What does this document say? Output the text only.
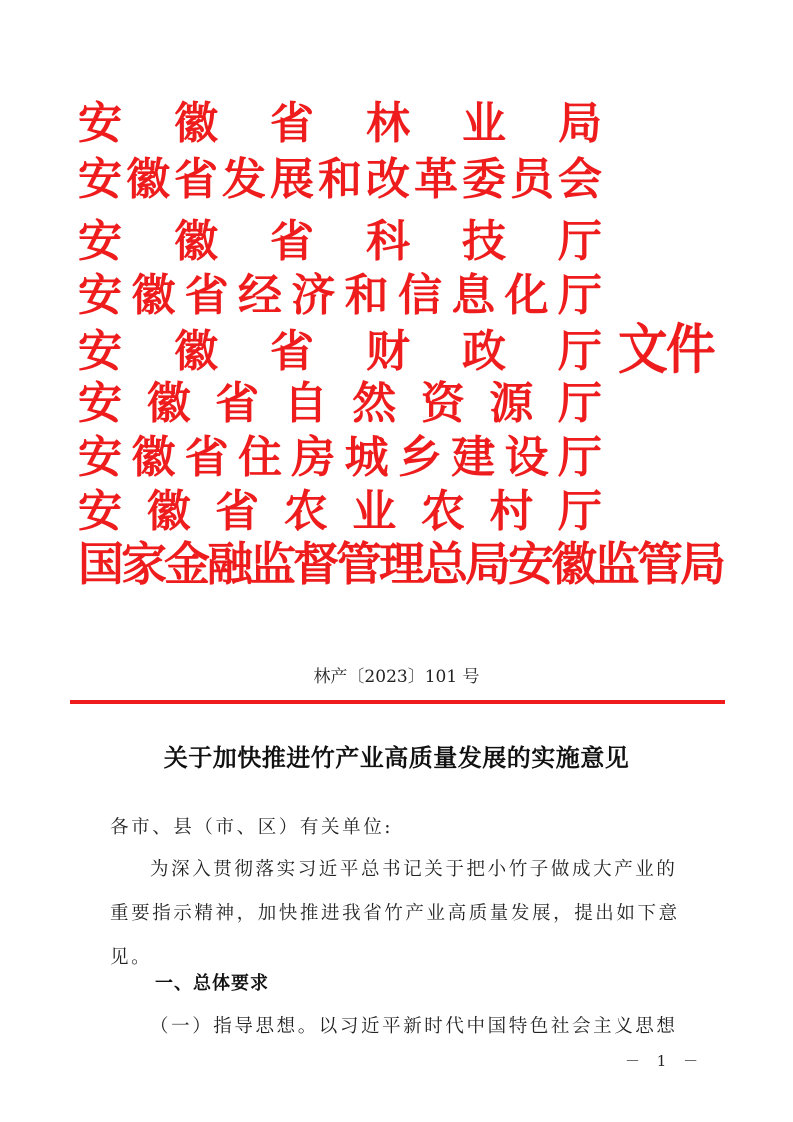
安 徽 省 林 业 局
安 徽 省 发 展 和 改 革 委 员 会
安 徽 省 科 技 厅
安 徽 省 经 济 和 信 息 化 厅
安 徽 省 财 政 厅
安 徽 省 自 然 资 源 厅
安 徽 省 住 房 城 乡 建 设 厅
安 徽 省 农 业 农 村 厅
国 家 金 融 监 督 管 理 总 局 安 徽 监 管 局
文件
林产〔2023〕101 号
关于加快推进竹产业高质量发展的实施意见

各市、县（市、区）有关单位:

为深入贯彻落实习近平总书记关于把小竹子做成大产业的重要指示精神，加快推进我省竹产业高质量发展，提出如下意见。

一、总体要求

（一）指导思想。以习近平新时代中国特色社会主义思想

－ 1 －
